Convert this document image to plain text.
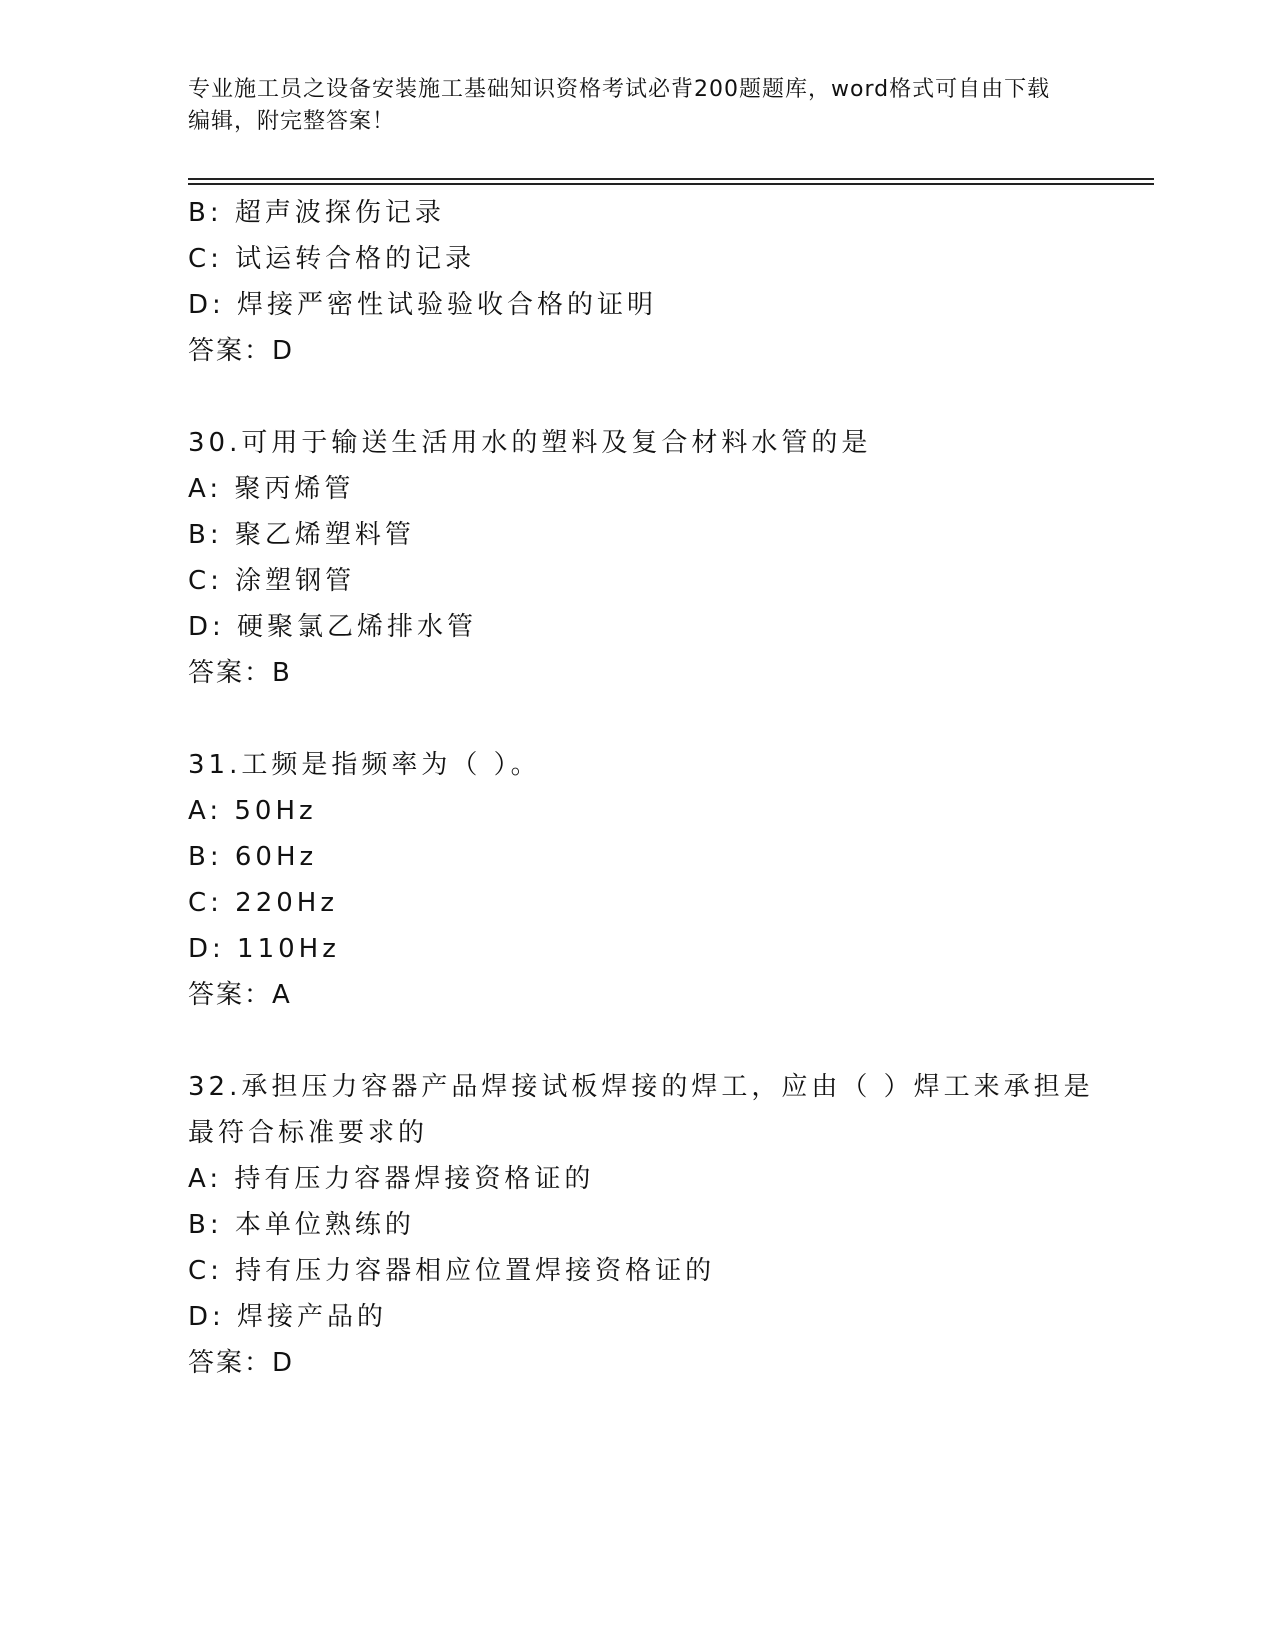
专业施工员之设备安装施工基础知识资格考试必背200题题库，word格式可自由下载编辑，附完整答案！
B: 超声波探伤记录
C: 试运转合格的记录
D: 焊接严密性试验验收合格的证明
答案：D
30.可用于输送生活用水的塑料及复合材料水管的是
A: 聚丙烯管
B: 聚乙烯塑料管
C: 涂塑钢管
D: 硬聚氯乙烯排水管
答案：B
31.工频是指频率为（ ）。
A: 50Hz
B: 60Hz
C: 220Hz
D: 110Hz
答案：A
32.承担压力容器产品焊接试板焊接的焊工，应由（ ）焊工来承担是
最符合标准要求的
A: 持有压力容器焊接资格证的
B: 本单位熟练的
C: 持有压力容器相应位置焊接资格证的
D: 焊接产品的
答案：D
